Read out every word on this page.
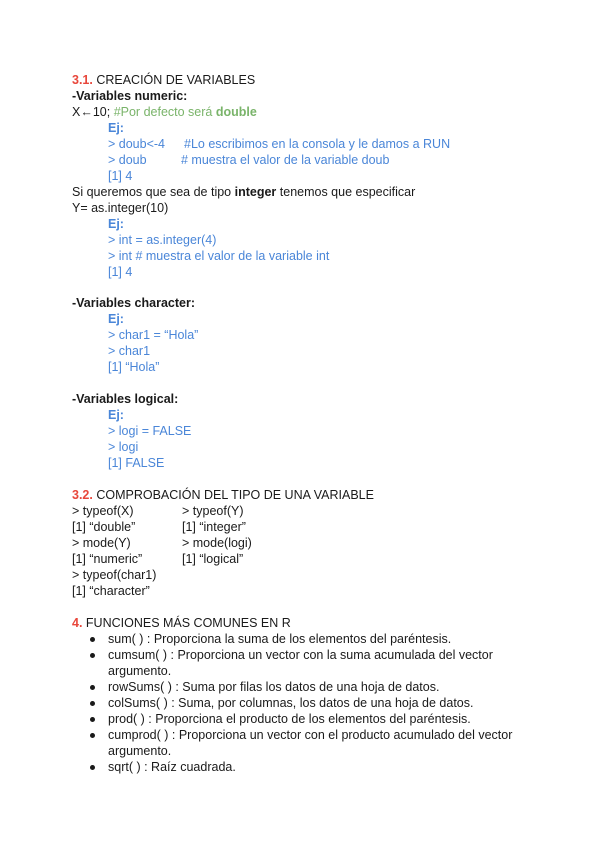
3.1. CREACIÓN DE VARIABLES
-Variables numeric:
X←10; #Por defecto será double
Ej:
> doub<-4 #Lo escribimos en la consola y le damos a RUN
> doub	# muestra el valor de la variable doub
[1] 4
Si queremos que sea de tipo integer tenemos que especificar
Y= as.integer(10)
Ej:
> int = as.integer(4)
> int # muestra el valor de la variable int
[1] 4
-Variables character:
Ej:
> char1 = “Hola”
> char1
[1] “Hola”
-Variables logical:
Ej:
> logi = FALSE
> logi
[1] FALSE
3.2. COMPROBACIÓN DEL TIPO DE UNA VARIABLE
> typeof(X)	> typeof(Y)
[1] “double”	[1] “integer”
> mode(Y)	> mode(logi)
[1] “numeric”	[1] “logical”
> typeof(char1)
[1] “character”
4. FUNCIONES MÁS COMUNES EN R
sum( ) : Proporciona la suma de los elementos del paréntesis.
cumsum( ) : Proporciona un vector con la suma acumulada del vector
argumento.
rowSums( ) : Suma por filas los datos de una hoja de datos.
colSums( ) : Suma, por columnas, los datos de una hoja de datos.
prod( ) : Proporciona el producto de los elementos del paréntesis.
cumprod( ) : Proporciona un vector con el producto acumulado del vector
argumento.
sqrt( ) : Raíz cuadrada.
